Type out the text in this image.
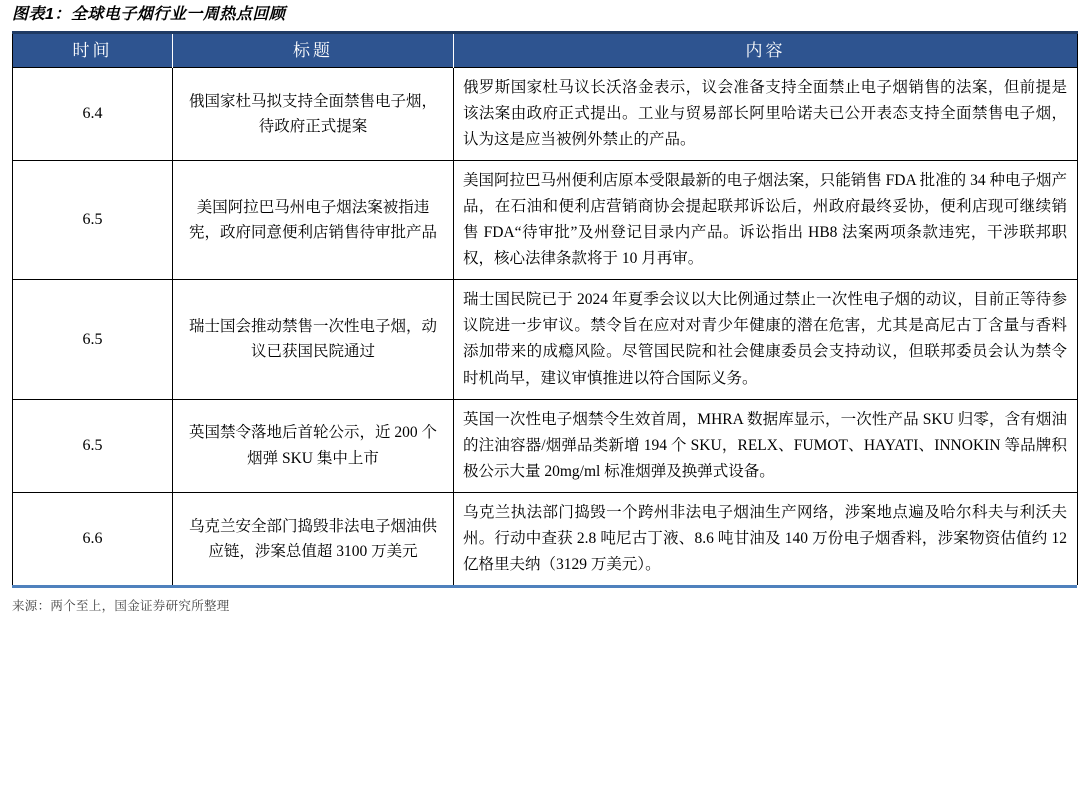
图表1：全球电子烟行业一周热点回顾
时间	标题	内容
6.4	俄国家杜马拟支持全面禁售电子烟，待政府正式提案	俄罗斯国家杜马议长沃洛金表示，议会准备支持全面禁止电子烟销售的法案，但前提是该法案由政府正式提出。工业与贸易部长阿里哈诺夫已公开表态支持全面禁售电子烟，认为这是应当被例外禁止的产品。
6.5	美国阿拉巴马州电子烟法案被指违宪，政府同意便利店销售待审批产品	美国阿拉巴马州便利店原本受限最新的电子烟法案，只能销售 FDA 批准的 34 种电子烟产品，在石油和便利店营销商协会提起联邦诉讼后，州政府最终妥协，便利店现可继续销售 FDA“待审批”及州登记目录内产品。诉讼指出 HB8 法案两项条款违宪，干涉联邦职权，核心法律条款将于 10 月再审。
6.5	瑞士国会推动禁售一次性电子烟，动议已获国民院通过	瑞士国民院已于 2024 年夏季会议以大比例通过禁止一次性电子烟的动议，目前正等待参议院进一步审议。禁令旨在应对对青少年健康的潜在危害，尤其是高尼古丁含量与香料添加带来的成瘾风险。尽管国民院和社会健康委员会支持动议，但联邦委员会认为禁令时机尚早，建议审慎推进以符合国际义务。
6.5	英国禁令落地后首轮公示，近 200 个烟弹 SKU 集中上市	英国一次性电子烟禁令生效首周，MHRA 数据库显示，一次性产品 SKU 归零，含有烟油的注油容器/烟弹品类新增 194 个 SKU，RELX、FUMOT、HAYATI、INNOKIN 等品牌积极公示大量 20mg/ml 标准烟弹及换弹式设备。
6.6	乌克兰安全部门捣毁非法电子烟油供应链，涉案总值超 3100 万美元	乌克兰执法部门捣毁一个跨州非法电子烟油生产网络，涉案地点遍及哈尔科夫与利沃夫州。行动中查获 2.8 吨尼古丁液、8.6 吨甘油及 140 万份电子烟香料，涉案物资估值约 12 亿格里夫纳（3129 万美元）。
来源：两个至上，国金证券研究所整理
